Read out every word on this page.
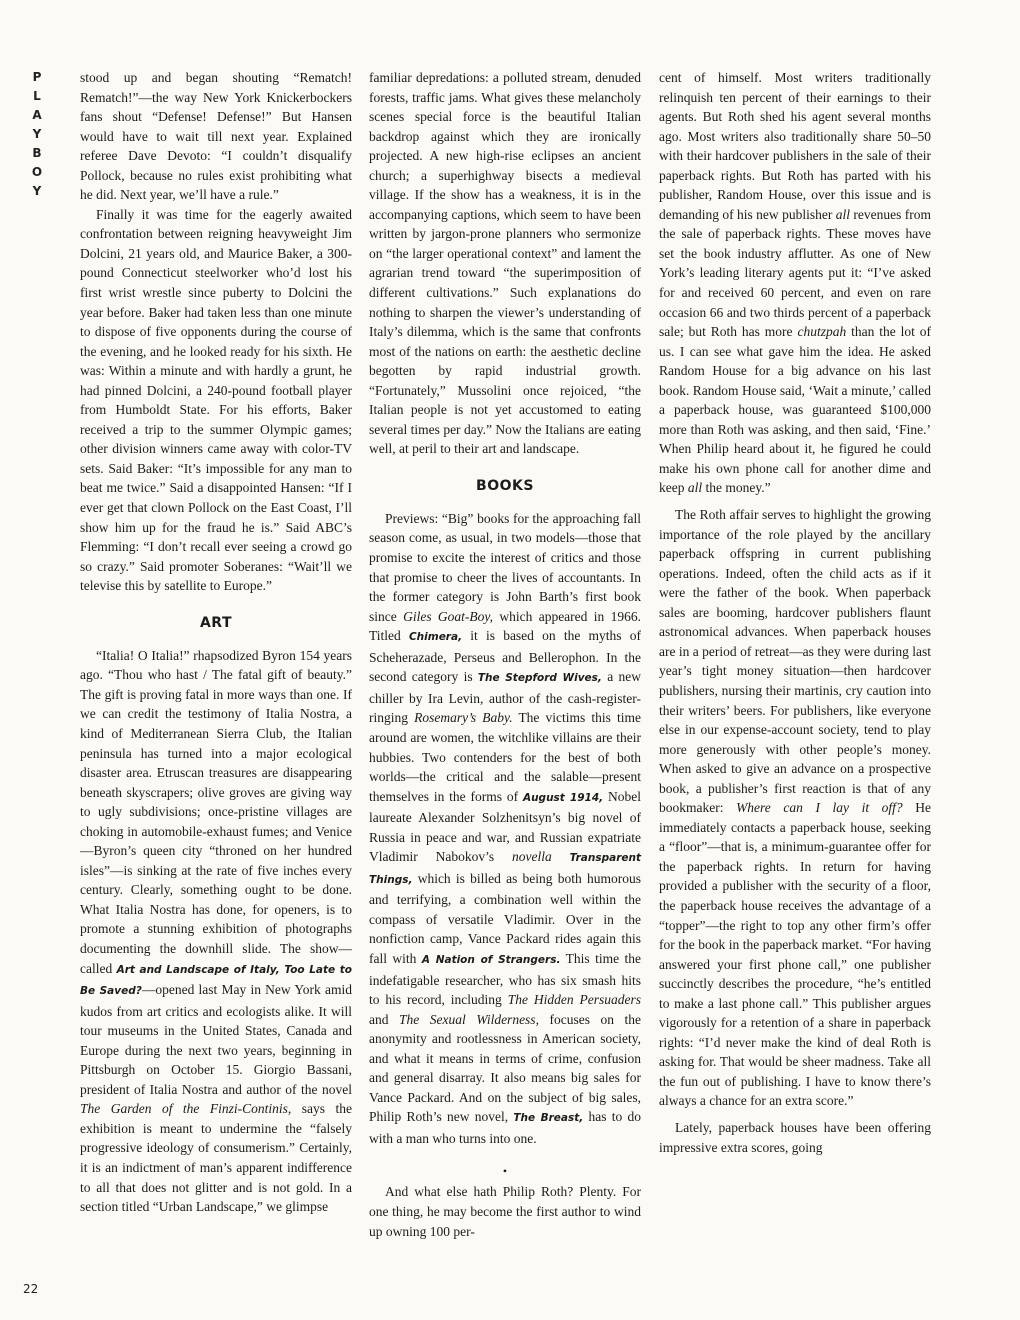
P
L
A
Y
B
O
Y
22

stood up and began shouting “Rematch! Rematch!”—the way New York Knickerbockers fans shout “Defense! Defense!” But Hansen would have to wait till next year. Explained referee Dave Devoto: “I couldn’t disqualify Pollock, because no rules exist prohibiting what he did. Next year, we’ll have a rule.”

Finally it was time for the eagerly awaited confrontation between reigning heavyweight Jim Dolcini, 21 years old, and Maurice Baker, a 300-pound Connecticut steelworker who’d lost his first wrist wrestle since puberty to Dolcini the year before. Baker had taken less than one minute to dispose of five opponents during the course of the evening, and he looked ready for his sixth. He was: Within a minute and with hardly a grunt, he had pinned Dolcini, a 240-pound football player from Humboldt State. For his efforts, Baker received a trip to the summer Olympic games; other division winners came away with color-TV sets. Said Baker: “It’s impossible for any man to beat me twice.” Said a disappointed Hansen: “If I ever get that clown Pollock on the East Coast, I’ll show him up for the fraud he is.” Said ABC’s Flemming: “I don’t recall ever seeing a crowd go so crazy.” Said promoter Soberanes: “Wait’ll we televise this by satellite to Europe.”

ART

“Italia! O Italia!” rhapsodized Byron 154 years ago. “Thou who hast / The fatal gift of beauty.” The gift is proving fatal in more ways than one. If we can credit the testimony of Italia Nostra, a kind of Mediterranean Sierra Club, the Italian peninsula has turned into a major ecological disaster area. Etruscan treasures are disappearing beneath skyscrapers; olive groves are giving way to ugly subdivisions; once-pristine villages are choking in automobile-exhaust fumes; and Venice—Byron’s queen city “throned on her hundred isles”—is sinking at the rate of five inches every century. Clearly, something ought to be done. What Italia Nostra has done, for openers, is to promote a stunning exhibition of photographs documenting the downhill slide. The show—called Art and Landscape of Italy, Too Late to Be Saved?—opened last May in New York amid kudos from art critics and ecologists alike. It will tour museums in the United States, Canada and Europe during the next two years, beginning in Pittsburgh on October 15. Giorgio Bassani, president of Italia Nostra and author of the novel The Garden of the Finzi-Continis, says the exhibition is meant to undermine the “falsely progressive ideology of consumerism.” Certainly, it is an indictment of man’s apparent indifference to all that does not glitter and is not gold. In a section titled “Urban Landscape,” we glimpse

familiar depredations: a polluted stream, denuded forests, traffic jams. What gives these melancholy scenes special force is the beautiful Italian backdrop against which they are ironically projected. A new high-rise eclipses an ancient church; a superhighway bisects a medieval village. If the show has a weakness, it is in the accompanying captions, which seem to have been written by jargon-prone planners who sermonize on “the larger operational context” and lament the agrarian trend toward “the superimposition of different cultivations.” Such explanations do nothing to sharpen the viewer’s understanding of Italy’s dilemma, which is the same that confronts most of the nations on earth: the aesthetic decline begotten by rapid industrial growth. “Fortunately,” Mussolini once rejoiced, “the Italian people is not yet accustomed to eating several times per day.” Now the Italians are eating well, at peril to their art and landscape.

BOOKS

Previews: “Big” books for the approaching fall season come, as usual, in two models—those that promise to excite the interest of critics and those that promise to cheer the lives of accountants. In the former category is John Barth’s first book since Giles Goat-Boy, which appeared in 1966. Titled Chimera, it is based on the myths of Scheherazade, Perseus and Bellerophon. In the second category is The Stepford Wives, a new chiller by Ira Levin, author of the cash-register-ringing Rosemary’s Baby. The victims this time around are women, the witchlike villains are their hubbies. Two contenders for the best of both worlds—the critical and the salable—present themselves in the forms of August 1914, Nobel laureate Alexander Solzhenitsyn’s big novel of Russia in peace and war, and Russian expatriate Vladimir Nabokov’s novella Transparent Things, which is billed as being both humorous and terrifying, a combination well within the compass of versatile Vladimir. Over in the nonfiction camp, Vance Packard rides again this fall with A Nation of Strangers. This time the indefatigable researcher, who has six smash hits to his record, including The Hidden Persuaders and The Sexual Wilderness, focuses on the anonymity and rootlessness in American society, and what it means in terms of crime, confusion and general disarray. It also means big sales for Vance Packard. And on the subject of big sales, Philip Roth’s new novel, The Breast, has to do with a man who turns into one.

•

And what else hath Philip Roth? Plenty. For one thing, he may become the first author to wind up owning 100 per-

cent of himself. Most writers traditionally relinquish ten percent of their earnings to their agents. But Roth shed his agent several months ago. Most writers also traditionally share 50–50 with their hardcover publishers in the sale of their paperback rights. But Roth has parted with his publisher, Random House, over this issue and is demanding of his new publisher all revenues from the sale of paperback rights. These moves have set the book industry afflutter. As one of New York’s leading literary agents put it: “I’ve asked for and received 60 percent, and even on rare occasion 66 and two thirds percent of a paperback sale; but Roth has more chutzpah than the lot of us. I can see what gave him the idea. He asked Random House for a big advance on his last book. Random House said, ‘Wait a minute,’ called a paperback house, was guaranteed $100,000 more than Roth was asking, and then said, ‘Fine.’ When Philip heard about it, he figured he could make his own phone call for another dime and keep all the money.”

The Roth affair serves to highlight the growing importance of the role played by the ancillary paperback offspring in current publishing operations. Indeed, often the child acts as if it were the father of the book. When paperback sales are booming, hardcover publishers flaunt astronomical advances. When paperback houses are in a period of retreat—as they were during last year’s tight money situation—then hardcover publishers, nursing their martinis, cry caution into their writers’ beers. For publishers, like everyone else in our expense-account society, tend to play more generously with other people’s money. When asked to give an advance on a prospective book, a publisher’s first reaction is that of any bookmaker: Where can I lay it off? He immediately contacts a paperback house, seeking a “floor”—that is, a minimum-guarantee offer for the paperback rights. In return for having provided a publisher with the security of a floor, the paperback house receives the advantage of a “topper”—the right to top any other firm’s offer for the book in the paperback market. “For having answered your first phone call,” one publisher succinctly describes the procedure, “he’s entitled to make a last phone call.” This publisher argues vigorously for a retention of a share in paperback rights: “I’d never make the kind of deal Roth is asking for. That would be sheer madness. Take all the fun out of publishing. I have to know there’s always a chance for an extra score.”

Lately, paperback houses have been offering impressive extra scores, going
